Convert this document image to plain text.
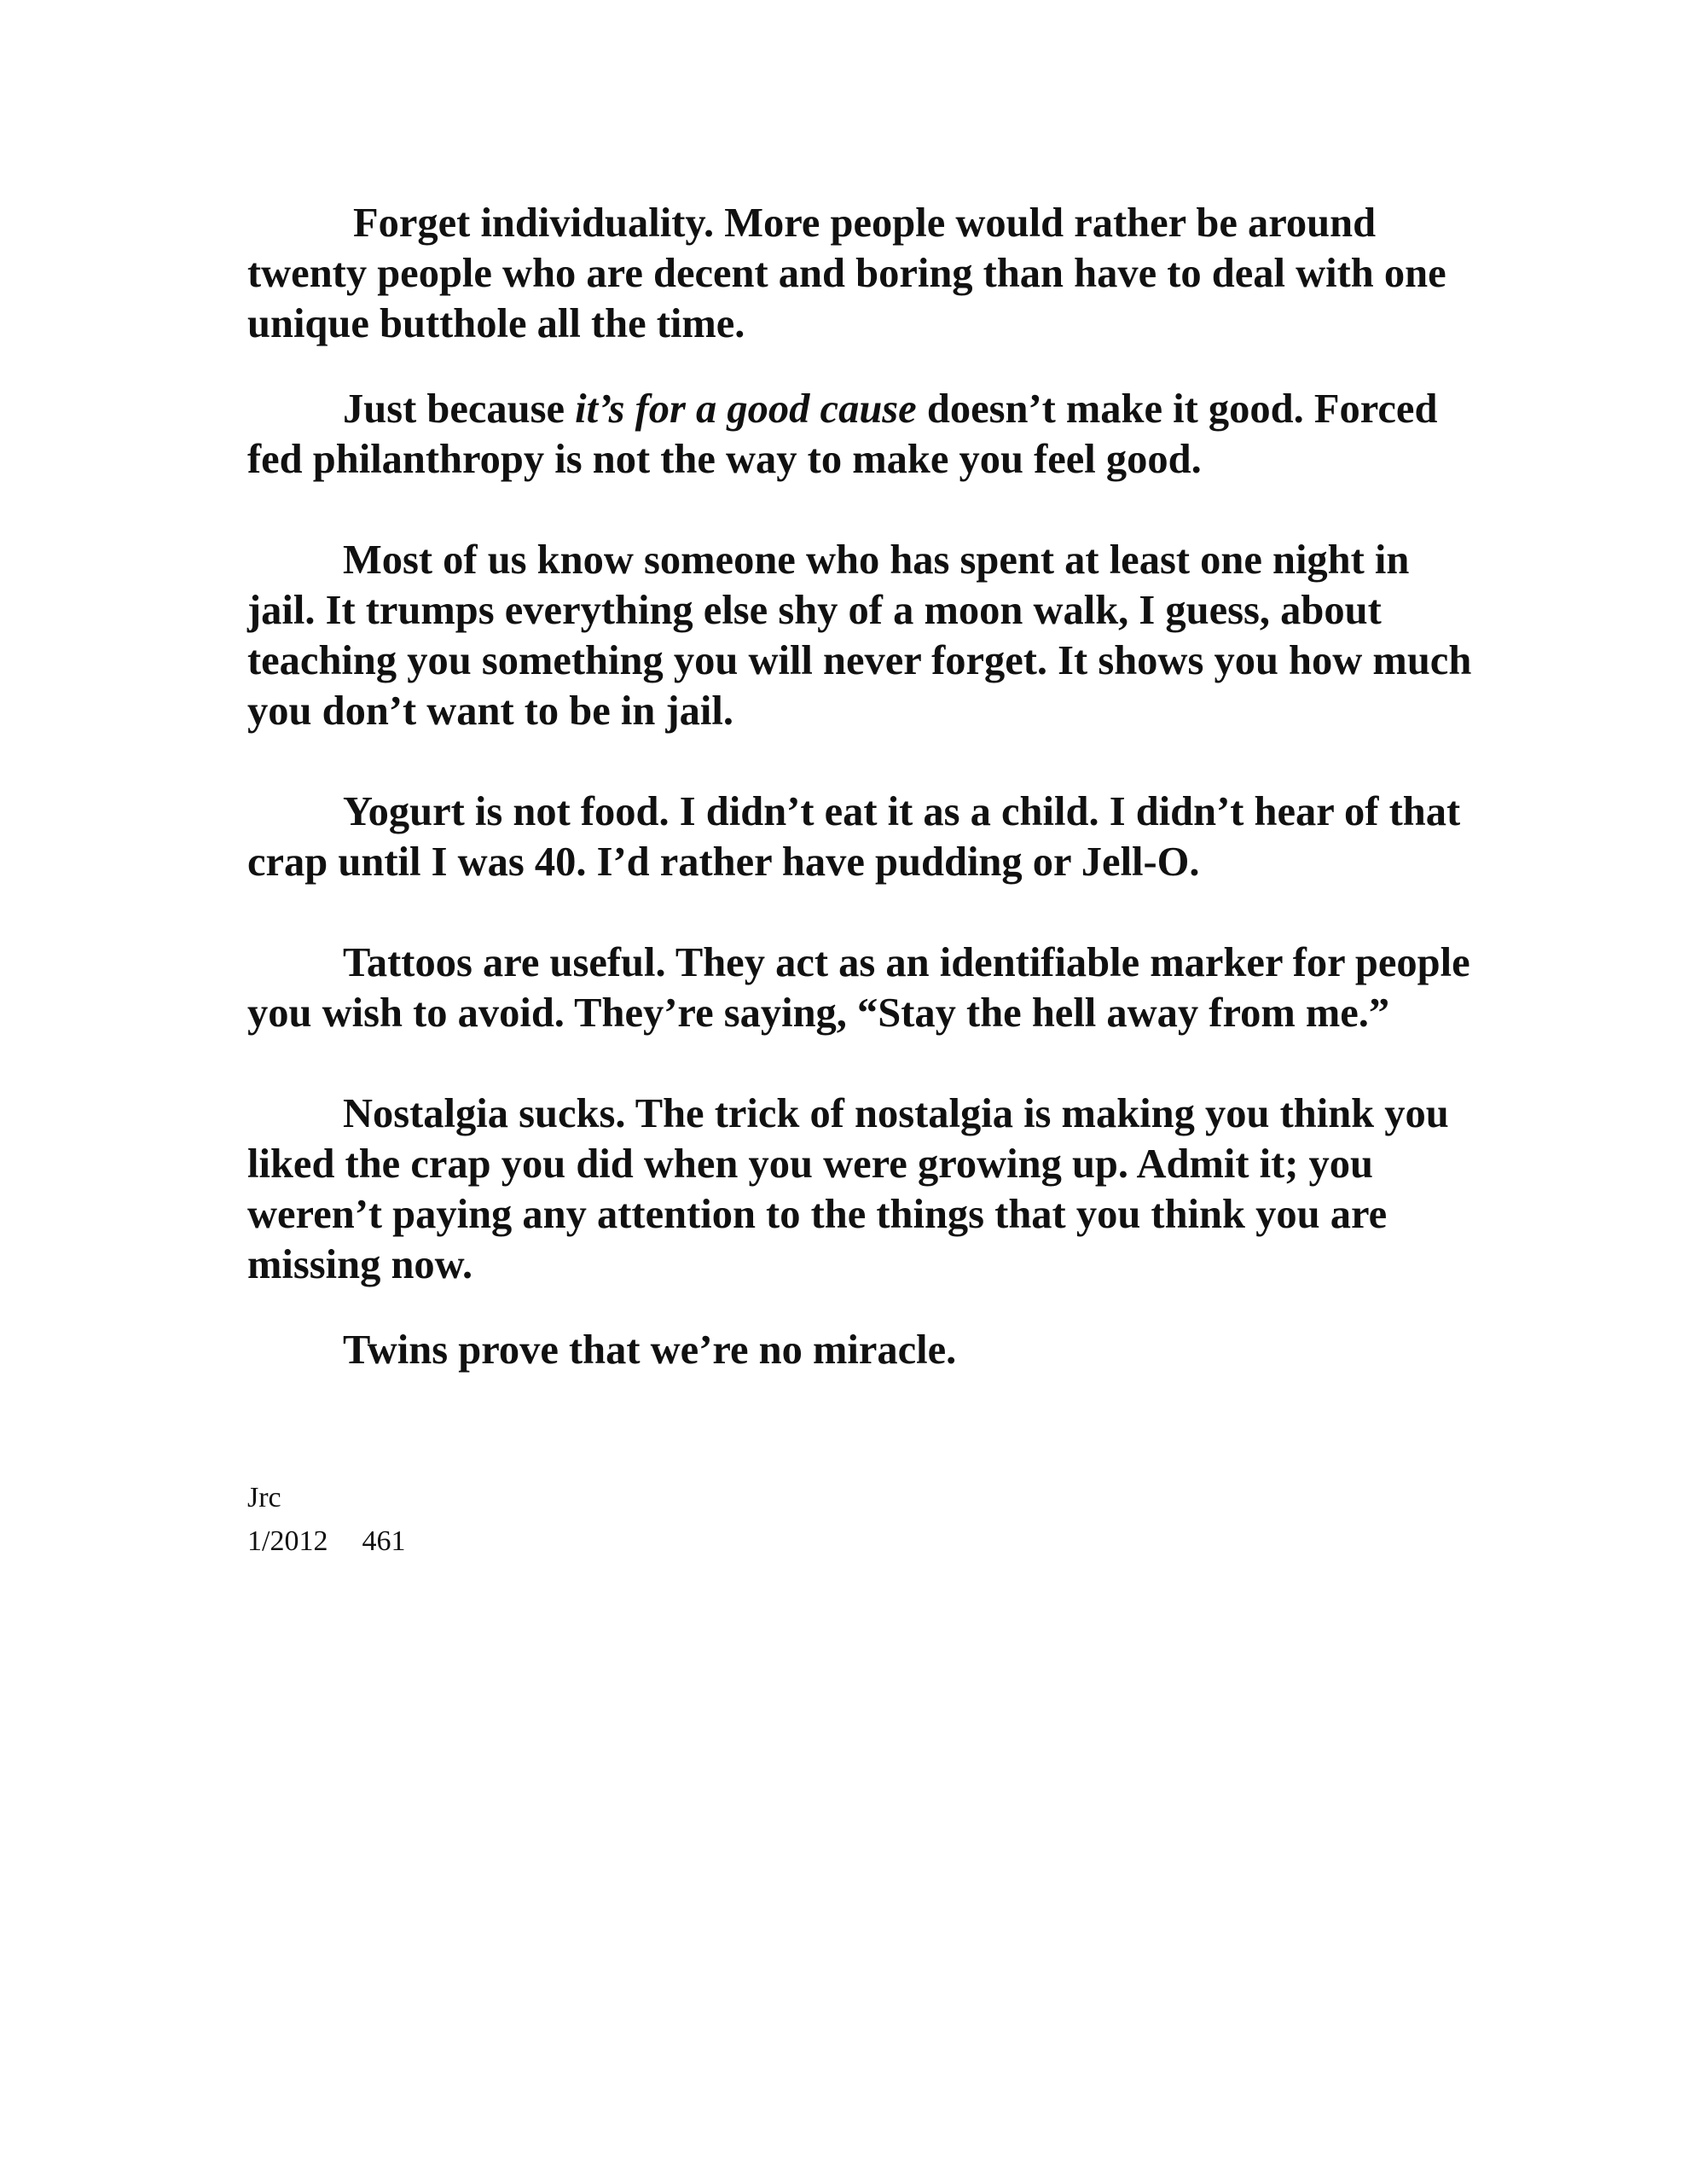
Forget individuality. More people would rather be around twenty people who are decent and boring than have to deal with one unique butthole all the time.

Just because it’s for a good cause doesn’t make it good. Forced fed philanthropy is not the way to make you feel good.

Most of us know someone who has spent at least one night in jail. It trumps everything else shy of a moon walk, I guess, about teaching you something you will never forget. It shows you how much you don’t want to be in jail.

Yogurt is not food. I didn’t eat it as a child. I didn’t hear of that crap until I was 40. I’d rather have pudding or Jell-O.

Tattoos are useful. They act as an identifiable marker for people you wish to avoid. They’re saying, “Stay the hell away from me.”

Nostalgia sucks. The trick of nostalgia is making you think you liked the crap you did when you were growing up. Admit it; you weren’t paying any attention to the things that you think you are missing now.

Twins prove that we’re no miracle.

Jrc
1/2012 461
